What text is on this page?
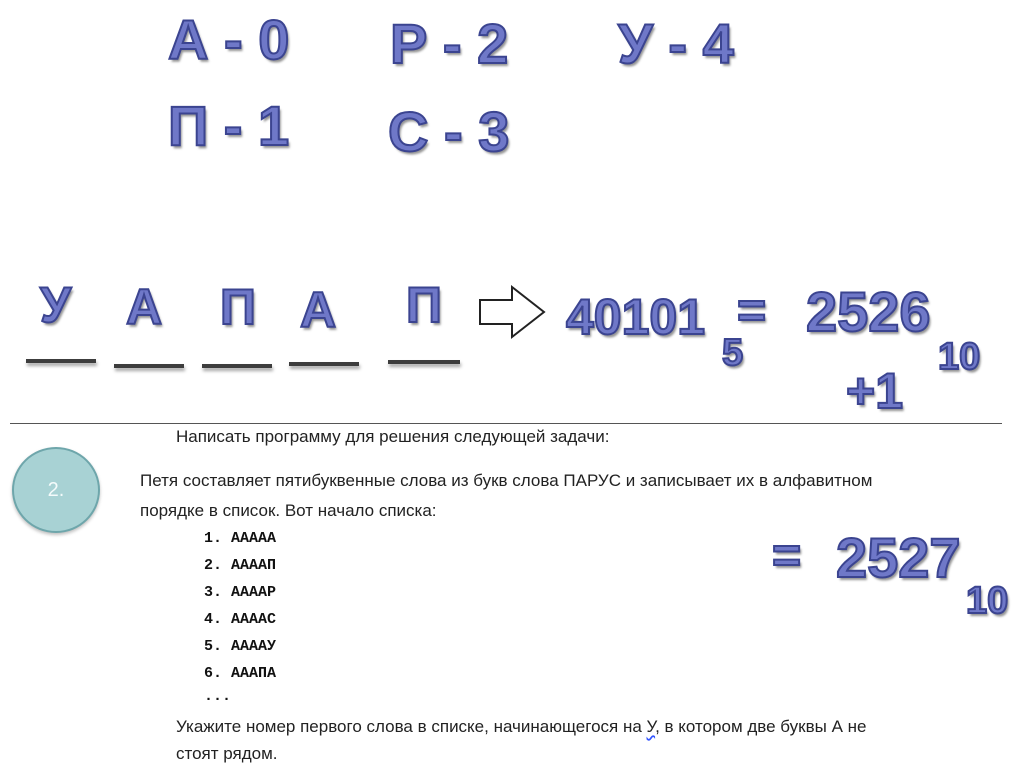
А - 0 Р - 2 У - 4
П - 1 С - 3
У А П А П 40101
5
= 2526
10
+1
2.
Написать программу для решения следующей задачи:
Петя составляет пятибуквенные слова из букв слова ПАРУС и записывает их в алфавитном
порядке в список. Вот начало списка:
1. ААААА
2. ААААП
3. ААААР
4. ААААС
5. ААААУ
6. АААПА
...
Укажите номер первого слова в списке, начинающегося на У, в котором две буквы А не
стоят рядом.
= 2527
10
